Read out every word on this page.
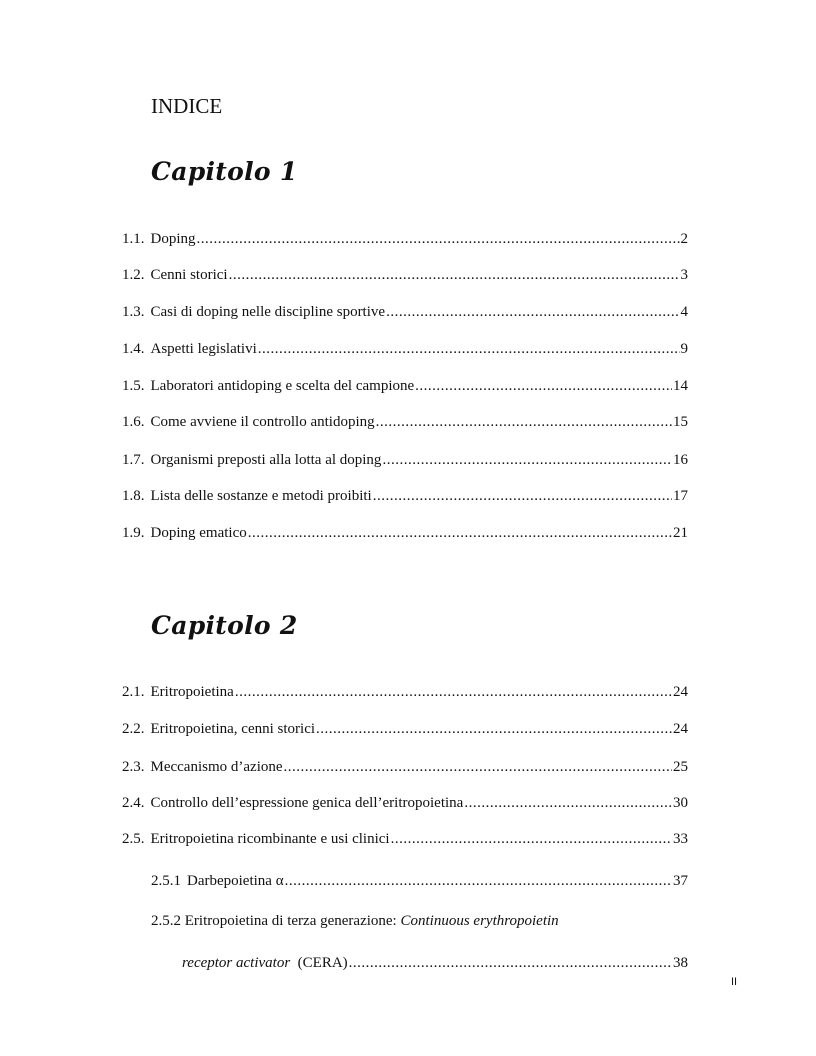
INDICE
Capitolo 1
1.1. Doping .....	2
1.2. Cenni storici .....	3
1.3. Casi di doping nelle discipline sportive .....	4
1.4. Aspetti legislativi .....	9
1.5. Laboratori antidoping e scelta del campione .....	14
1.6. Come avviene il controllo antidoping .....	15
1.7. Organismi preposti alla lotta al doping .....	16
1.8. Lista delle sostanze e metodi proibiti .....	17
1.9. Doping ematico .....	21
Capitolo 2
2.1. Eritropoietina .....	24
2.2. Eritropoietina, cenni storici .....	24
2.3. Meccanismo d’azione .....	25
2.4. Controllo dell’espressione genica dell’eritropoietina .....	30
2.5. Eritropoietina ricombinante e usi clinici .....	33
2.5.1 Darbepoietina α .....	37
2.5.2 Eritropoietina di terza generazione: Continuous erythropoietin
receptor activator (CERA) .....	38
II
